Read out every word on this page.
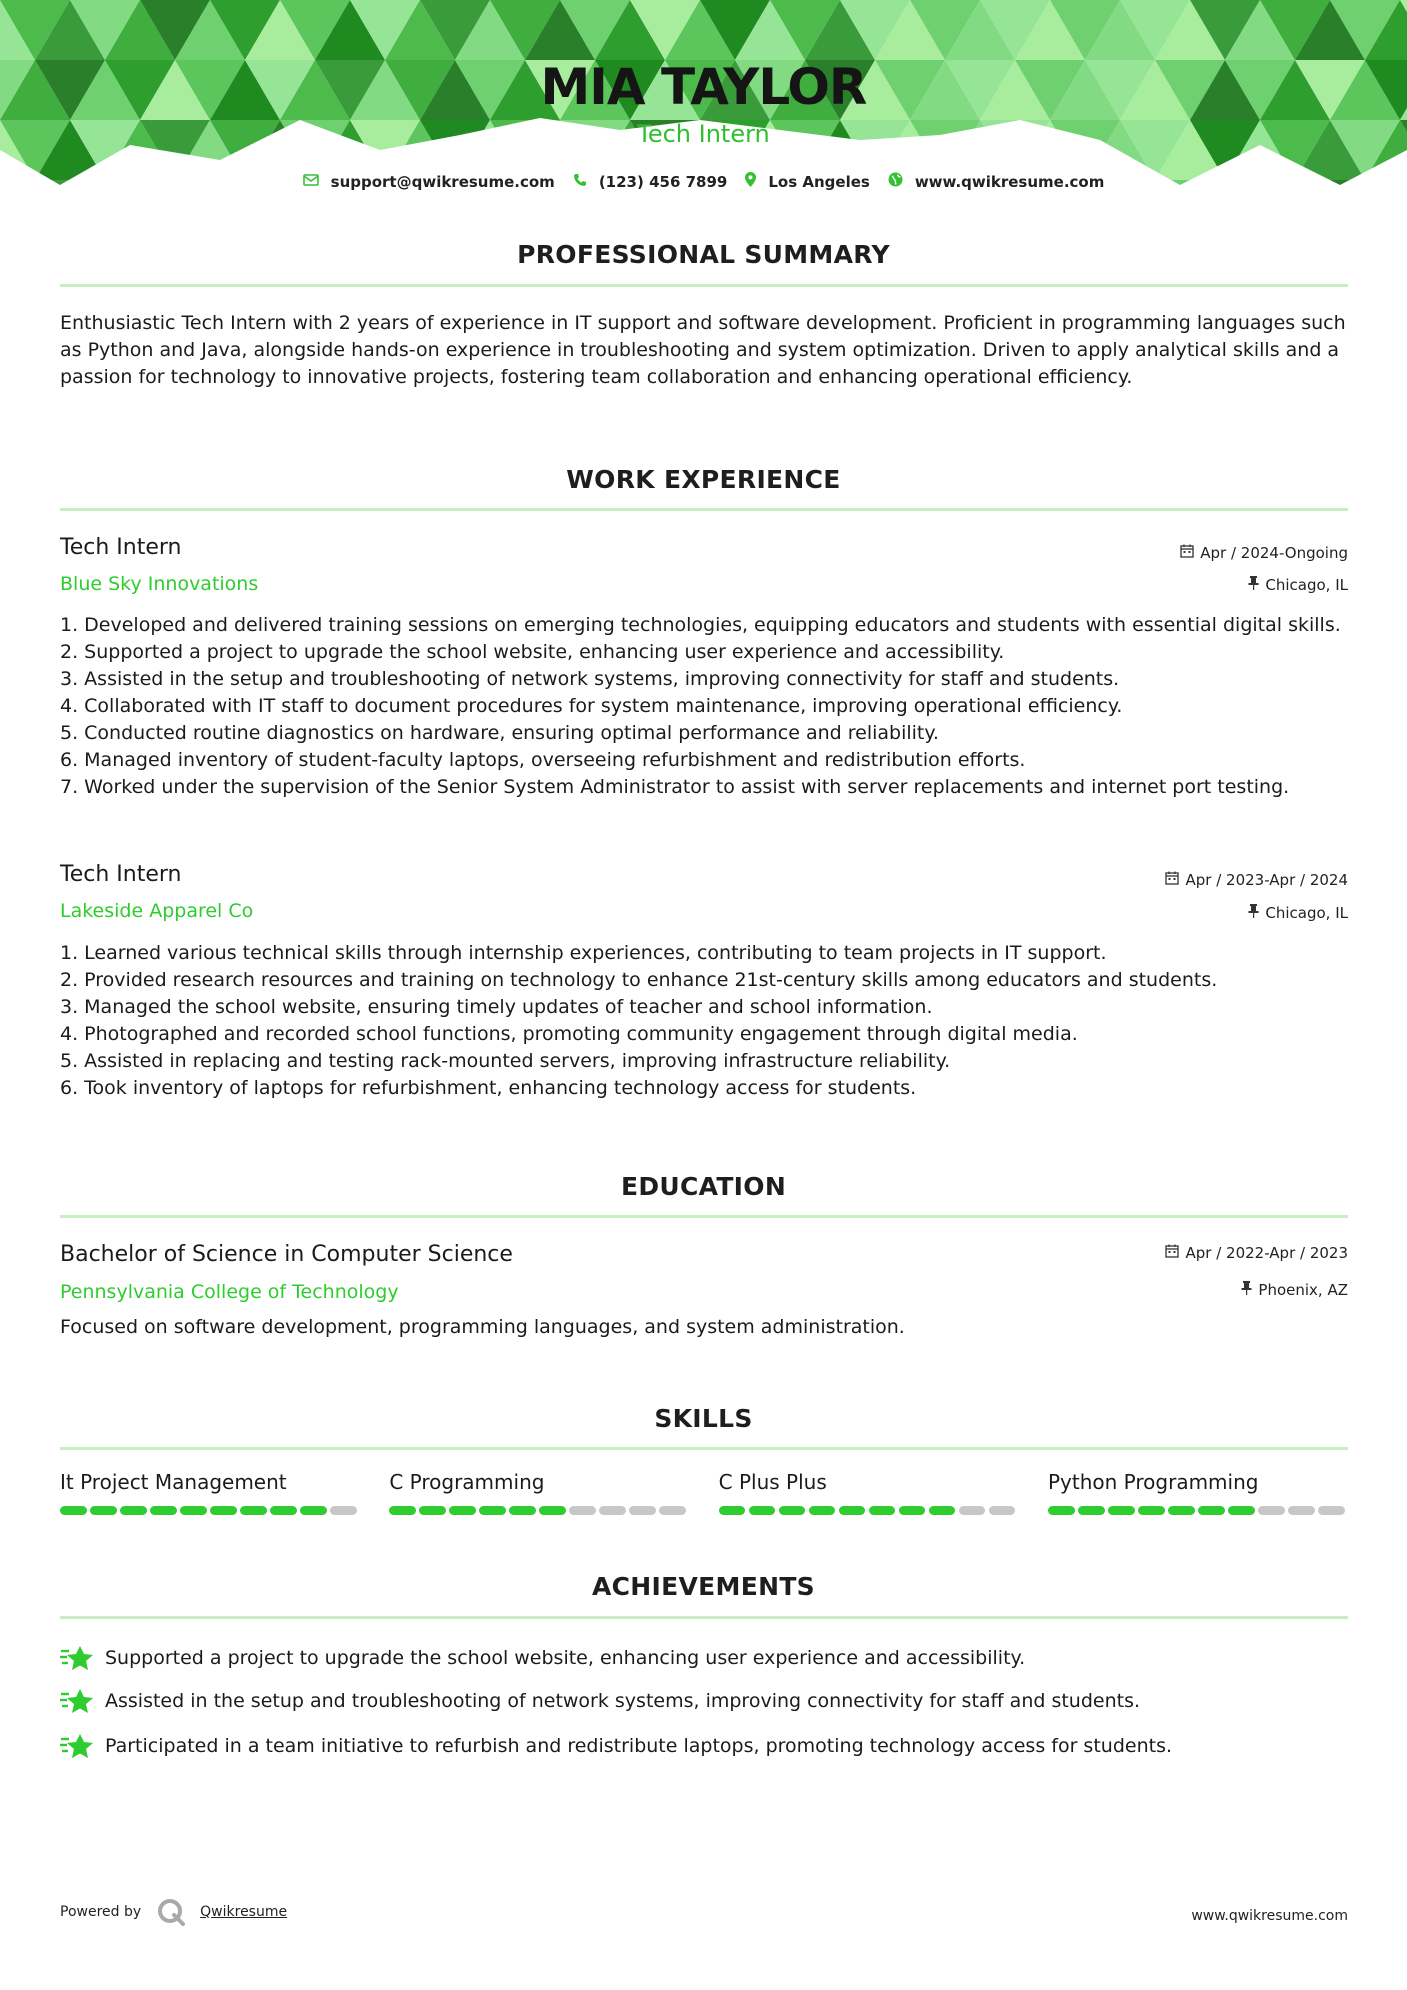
MIA TAYLOR
Tech Intern
support@qwikresume.com	(123) 456 7899	Los Angeles	www.qwikresume.com
PROFESSIONAL SUMMARY
Enthusiastic Tech Intern with 2 years of experience in IT support and software development. Proficient in programming languages such as Python and Java, alongside hands-on experience in troubleshooting and system optimization. Driven to apply analytical skills and a passion for technology to innovative projects, fostering team collaboration and enhancing operational efficiency.
WORK EXPERIENCE
Tech Intern	Apr / 2024-Ongoing
Blue Sky Innovations	Chicago, IL
1. Developed and delivered training sessions on emerging technologies, equipping educators and students with essential digital skills.
2. Supported a project to upgrade the school website, enhancing user experience and accessibility.
3. Assisted in the setup and troubleshooting of network systems, improving connectivity for staff and students.
4. Collaborated with IT staff to document procedures for system maintenance, improving operational efficiency.
5. Conducted routine diagnostics on hardware, ensuring optimal performance and reliability.
6. Managed inventory of student-faculty laptops, overseeing refurbishment and redistribution efforts.
7. Worked under the supervision of the Senior System Administrator to assist with server replacements and internet port testing.
Tech Intern	Apr / 2023-Apr / 2024
Lakeside Apparel Co	Chicago, IL
1. Learned various technical skills through internship experiences, contributing to team projects in IT support.
2. Provided research resources and training on technology to enhance 21st-century skills among educators and students.
3. Managed the school website, ensuring timely updates of teacher and school information.
4. Photographed and recorded school functions, promoting community engagement through digital media.
5. Assisted in replacing and testing rack-mounted servers, improving infrastructure reliability.
6. Took inventory of laptops for refurbishment, enhancing technology access for students.
EDUCATION
Bachelor of Science in Computer Science	Apr / 2022-Apr / 2023
Pennsylvania College of Technology	Phoenix, AZ
Focused on software development, programming languages, and system administration.
SKILLS
It Project Management	C Programming	C Plus Plus	Python Programming
ACHIEVEMENTS
Supported a project to upgrade the school website, enhancing user experience and accessibility.
Assisted in the setup and troubleshooting of network systems, improving connectivity for staff and students.
Participated in a team initiative to refurbish and redistribute laptops, promoting technology access for students.
Powered by	Qwikresume	www.qwikresume.com
